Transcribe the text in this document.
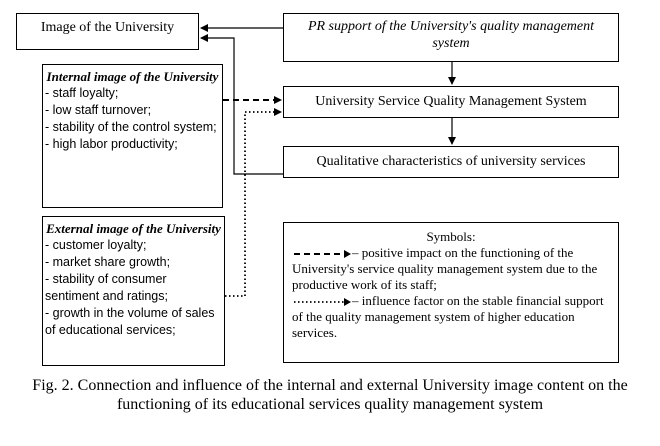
Image of the University	PR support of the University's quality management system
University Service Quality Management System
Qualitative characteristics of university services
Internal image of the University
- staff loyalty;
- low staff turnover;
- stability of the control system;
- high labor productivity;
External image of the University
- customer loyalty;
- market share growth;
- stability of consumer sentiment and ratings;
- growth in the volume of sales of educational services;
Symbols:
– positive impact on the functioning of the University's service quality management system due to the productive work of its staff;
– influence factor on the stable financial support of the quality management system of higher education services.
Fig. 2. Connection and influence of the internal and external University image content on the functioning of its educational services quality management system
